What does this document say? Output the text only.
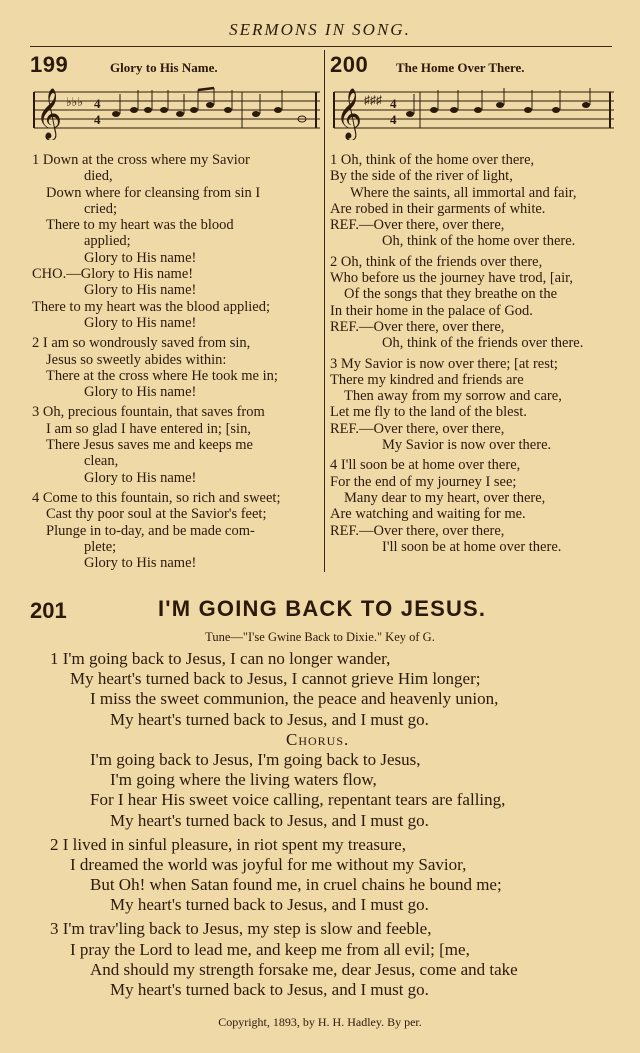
SERMONS IN SONG.
199	Glory to His Name.
𝄞 ♭♭♭ 4
4
1 Down at the cross where my Savior
died,
Down where for cleansing from sin I
cried;
There to my heart was the blood
applied;
Glory to His name!
CHO.—Glory to His name!
Glory to His name!
There to my heart was the blood applied;
Glory to His name!
2 I am so wondrously saved from sin,
Jesus so sweetly abides within:
There at the cross where He took me in;
Glory to His name!
3 Oh, precious fountain, that saves from
I am so glad I have entered in; [sin,
There Jesus saves me and keeps me
clean,
Glory to His name!
4 Come to this fountain, so rich and sweet;
Cast thy poor soul at the Savior's feet;
Plunge in to-day, and be made com-
plete;
Glory to His name!
200 The Home Over There.
𝄞 ♯♯♯ 4
4
1 Oh, think of the home over there,
By the side of the river of light,
Where the saints, all immortal and fair,
Are robed in their garments of white.
REF.—Over there, over there,
Oh, think of the home over there.
2 Oh, think of the friends over there,
Who before us the journey have trod, [air,
Of the songs that they breathe on the
In their home in the palace of God.
REF.—Over there, over there,
Oh, think of the friends over there.
3 My Savior is now over there; [at rest;
There my kindred and friends are
Then away from my sorrow and care,
Let me fly to the land of the blest.
REF.—Over there, over there,
My Savior is now over there.
4 I'll soon be at home over there,
For the end of my journey I see;
Many dear to my heart, over there,
Are watching and waiting for me.
REF.—Over there, over there,
I'll soon be at home over there.
201	I'M GOING BACK TO JESUS.
Tune—"I'se Gwine Back to Dixie." Key of G.
1 I'm going back to Jesus, I can no longer wander,
My heart's turned back to Jesus, I cannot grieve Him longer;
I miss the sweet communion, the peace and heavenly union,
My heart's turned back to Jesus, and I must go.
Chorus.
I'm going back to Jesus, I'm going back to Jesus,
I'm going where the living waters flow,
For I hear His sweet voice calling, repentant tears are falling,
My heart's turned back to Jesus, and I must go.
2 I lived in sinful pleasure, in riot spent my treasure,
I dreamed the world was joyful for me without my Savior,
But Oh! when Satan found me, in cruel chains he bound me;
My heart's turned back to Jesus, and I must go.
3 I'm trav'ling back to Jesus, my step is slow and feeble,
I pray the Lord to lead me, and keep me from all evil; [me,
And should my strength forsake me, dear Jesus, come and take
My heart's turned back to Jesus, and I must go.
Copyright, 1893, by H. H. Hadley. By per.
